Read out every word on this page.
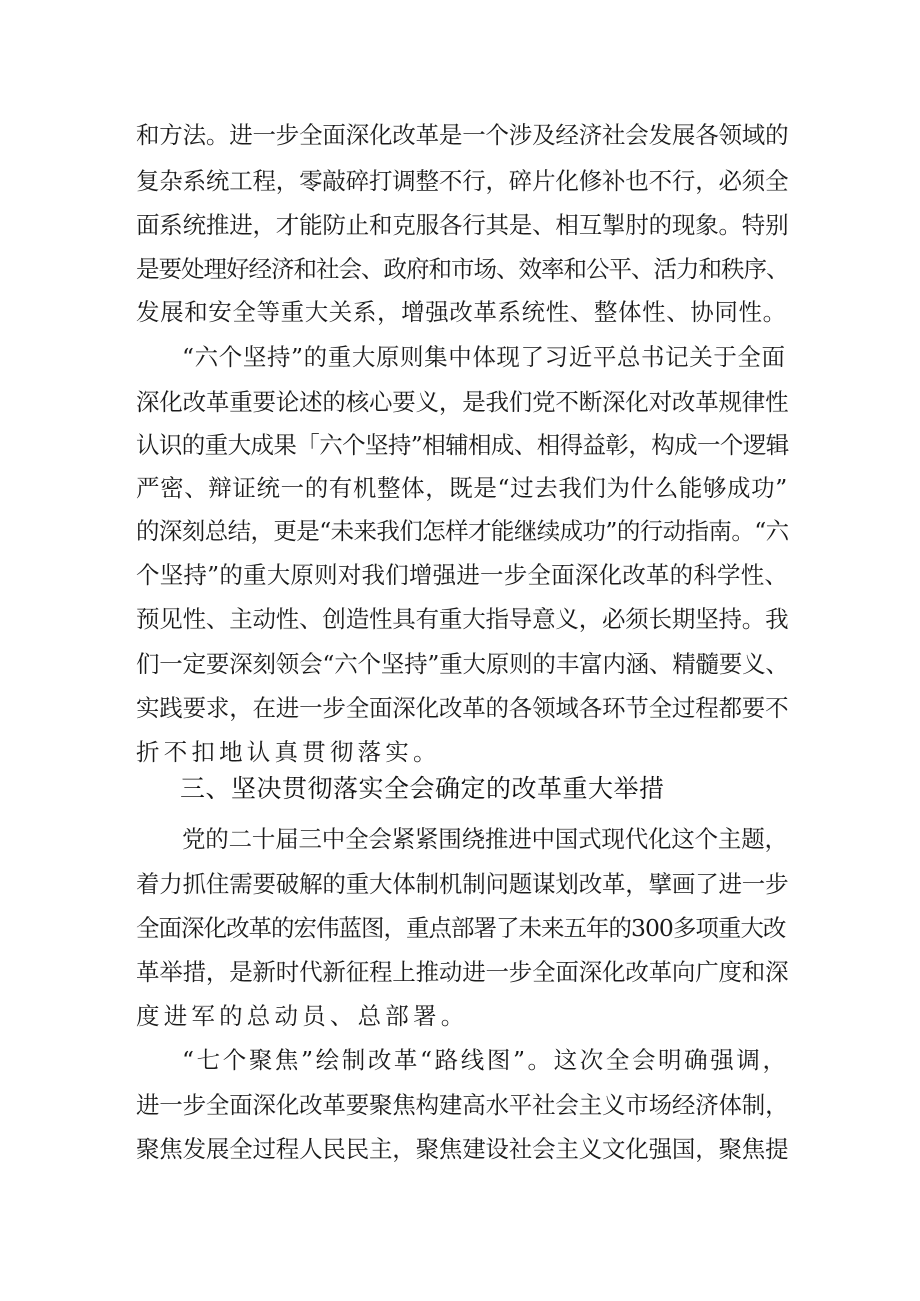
和方法。进一步全面深化改革是一个涉及经济社会发展各领域的
复杂系统工程，零敲碎打调整不行，碎片化修补也不行，必须全
面系统推进，才能防止和克服各行其是、相互掣肘的现象。特别
是要处理好经济和社会、政府和市场、效率和公平、活力和秩序、
发展和安全等重大关系，增强改革系统性、整体性、协同性。
“六个坚持”的重大原则集中体现了习近平总书记关于全面
深化改革重要论述的核心要义，是我们党不断深化对改革规律性
认识的重大成果「六个坚持”相辅相成、相得益彰，构成一个逻辑
严密、辩证统一的有机整体，既是“过去我们为什么能够成功”
的深刻总结，更是“未来我们怎样才能继续成功”的行动指南。“六
个坚持”的重大原则对我们增强进一步全面深化改革的科学性、
预见性、主动性、创造性具有重大指导意义，必须长期坚持。我
们一定要深刻领会“六个坚持”重大原则的丰富内涵、精髓要义、
实践要求，在进一步全面深化改革的各领域各环节全过程都要不
折不扣地认真贯彻落实。
三、坚决贯彻落实全会确定的改革重大举措
党的二十届三中全会紧紧围绕推进中国式现代化这个主题，
着力抓住需要破解的重大体制机制问题谋划改革，擘画了进一步
全面深化改革的宏伟蓝图，重点部署了未来五年的300多项重大改
革举措，是新时代新征程上推动进一步全面深化改革向广度和深
度进军的总动员、总部署。
“七个聚焦”绘制改革“路线图”。这次全会明确强调，
进一步全面深化改革要聚焦构建高水平社会主义市场经济体制，
聚焦发展全过程人民民主，聚焦建设社会主义文化强国，聚焦提
